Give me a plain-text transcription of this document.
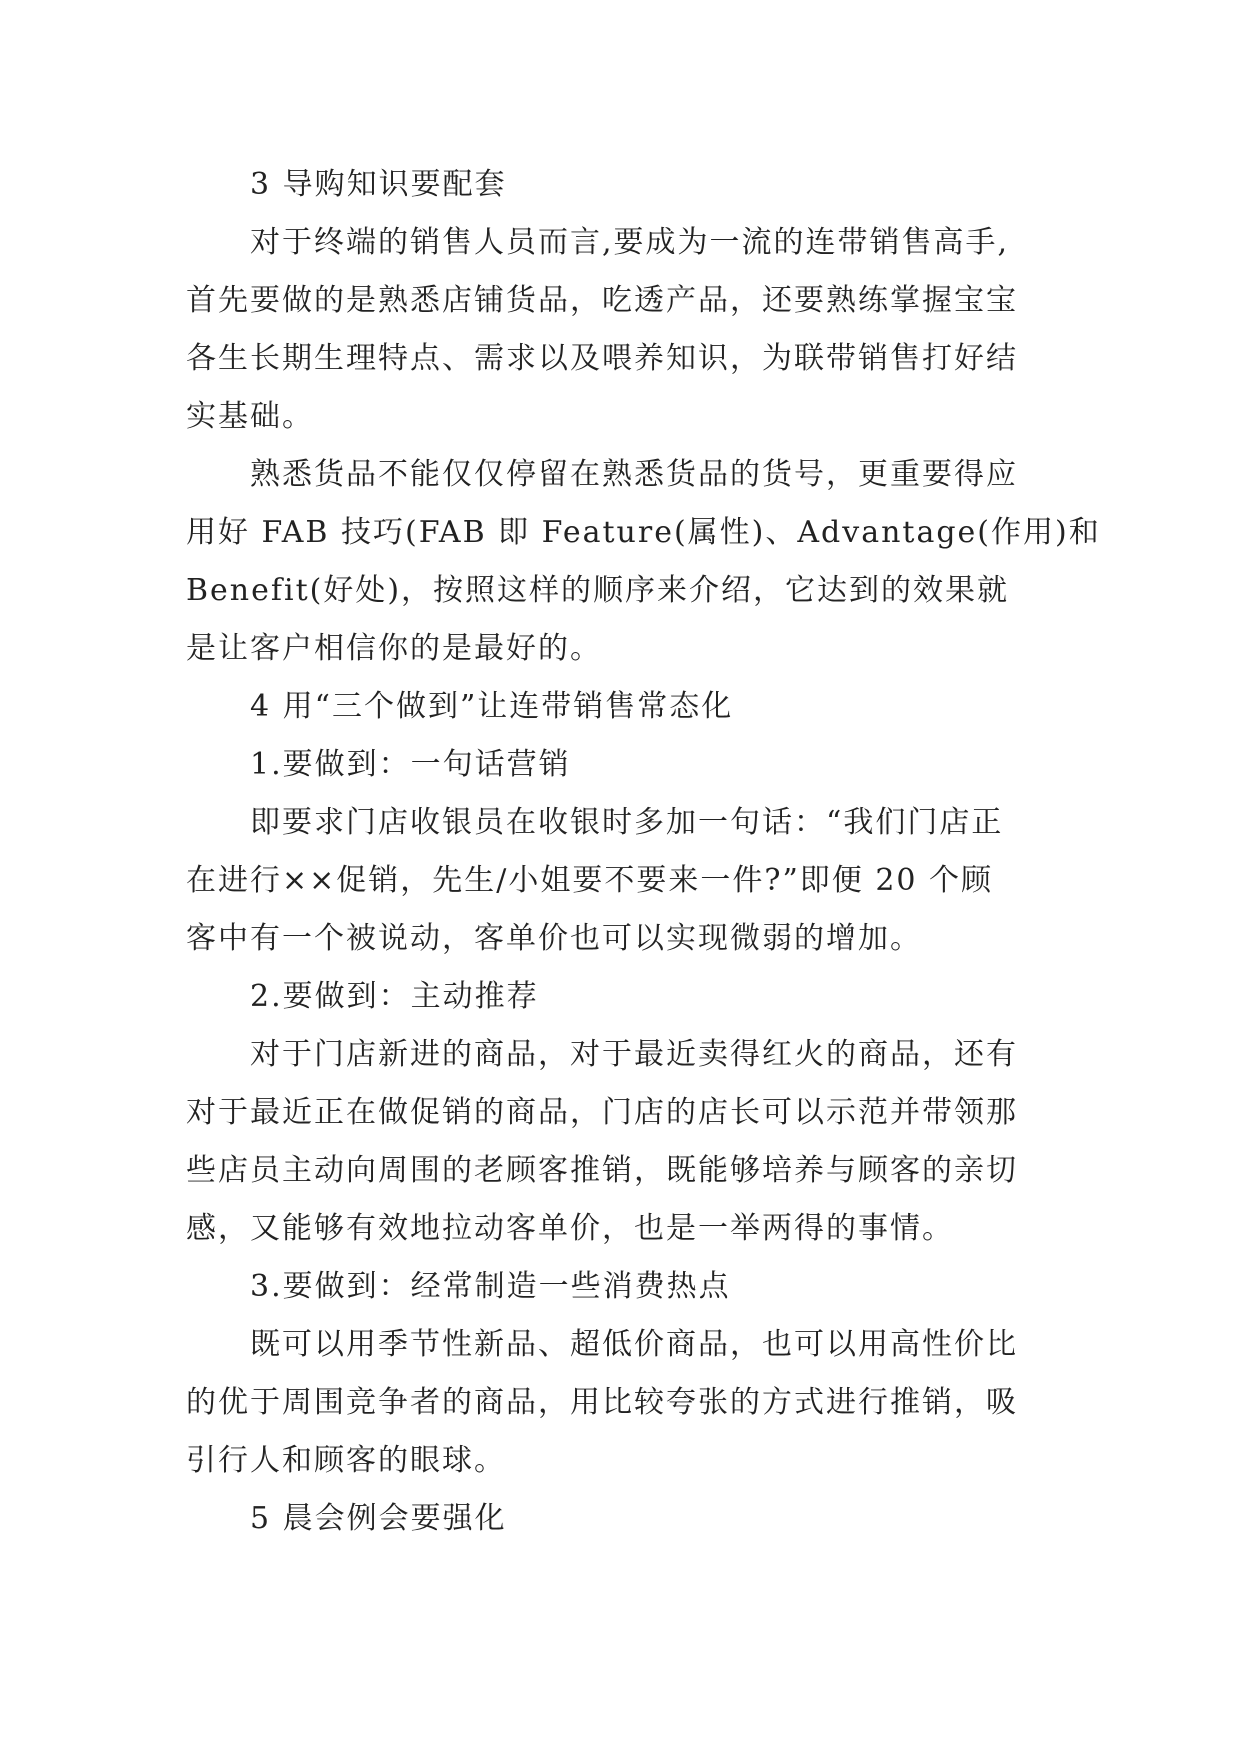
3 导购知识要配套

对于终端的销售人员而言,要成为一流的连带销售高手,
首先要做的是熟悉店铺货品，吃透产品，还要熟练掌握宝宝
各生长期生理特点、需求以及喂养知识，为联带销售打好结
实基础。

熟悉货品不能仅仅停留在熟悉货品的货号，更重要得应
用好 FAB 技巧(FAB 即 Feature(属性)、Advantage(作用)和
Benefit(好处)，按照这样的顺序来介绍，它达到的效果就
是让客户相信你的是最好的。

4 用“三个做到”让连带销售常态化

1.要做到：一句话营销

即要求门店收银员在收银时多加一句话：“我们门店正
在进行××促销，先生/小姐要不要来一件?”即便 20 个顾
客中有一个被说动，客单价也可以实现微弱的增加。

2.要做到：主动推荐

对于门店新进的商品，对于最近卖得红火的商品，还有
对于最近正在做促销的商品，门店的店长可以示范并带领那
些店员主动向周围的老顾客推销，既能够培养与顾客的亲切
感，又能够有效地拉动客单价，也是一举两得的事情。

3.要做到：经常制造一些消费热点

既可以用季节性新品、超低价商品，也可以用高性价比
的优于周围竞争者的商品，用比较夸张的方式进行推销，吸
引行人和顾客的眼球。

5 晨会例会要强化
